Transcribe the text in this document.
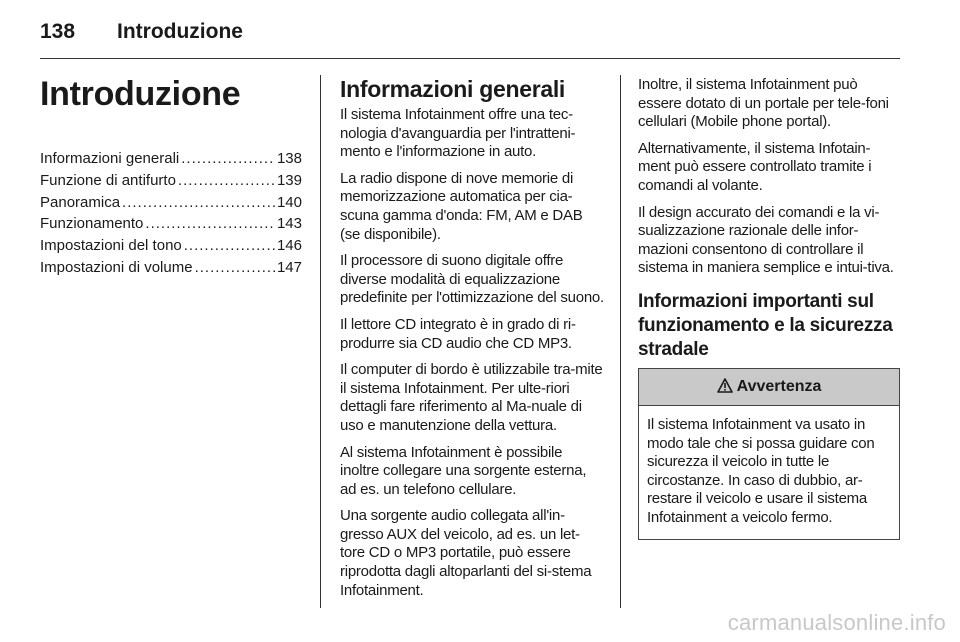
138 Introduzione
Introduzione
Informazioni generali .....	138
Funzione di antifurto .....	139
Panoramica .....	140
Funzionamento .....	143
Impostazioni del tono .....	146
Impostazioni di volume .....	147
Informazioni generali

Il sistema Infotainment offre una tec-nologia d'avanguardia per l'intratteni-mento e l'informazione in auto.

La radio dispone di nove memorie di memorizzazione automatica per cia-scuna gamma d'onda: FM, AM e DAB (se disponibile).

Il processore di suono digitale offre diverse modalità di equalizzazione predefinite per l'ottimizzazione del suono.

Il lettore CD integrato è in grado di ri-produrre sia CD audio che CD MP3.

Il computer di bordo è utilizzabile tra-mite il sistema Infotainment. Per ulte-riori dettagli fare riferimento al Ma-nuale di uso e manutenzione della vettura.

Al sistema Infotainment è possibile inoltre collegare una sorgente esterna, ad es. un telefono cellulare.

Una sorgente audio collegata all'in-gresso AUX del veicolo, ad es. un let-tore CD o MP3 portatile, può essere riprodotta dagli altoparlanti del si-stema Infotainment.

Inoltre, il sistema Infotainment può essere dotato di un portale per tele-foni cellulari (Mobile phone portal).

Alternativamente, il sistema Infotain-ment può essere controllato tramite i comandi al volante.

Il design accurato dei comandi e la vi-sualizzazione razionale delle infor-mazioni consentono di controllare il sistema in maniera semplice e intui-tiva.

Informazioni importanti sul funzionamento e la sicurezza stradale
Avvertenza
Il sistema Infotainment va usato in modo tale che si possa guidare con sicurezza il veicolo in tutte le circostanze. In caso di dubbio, ar-restare il veicolo e usare il sistema Infotainment a veicolo fermo.
carmanualsonline.info
